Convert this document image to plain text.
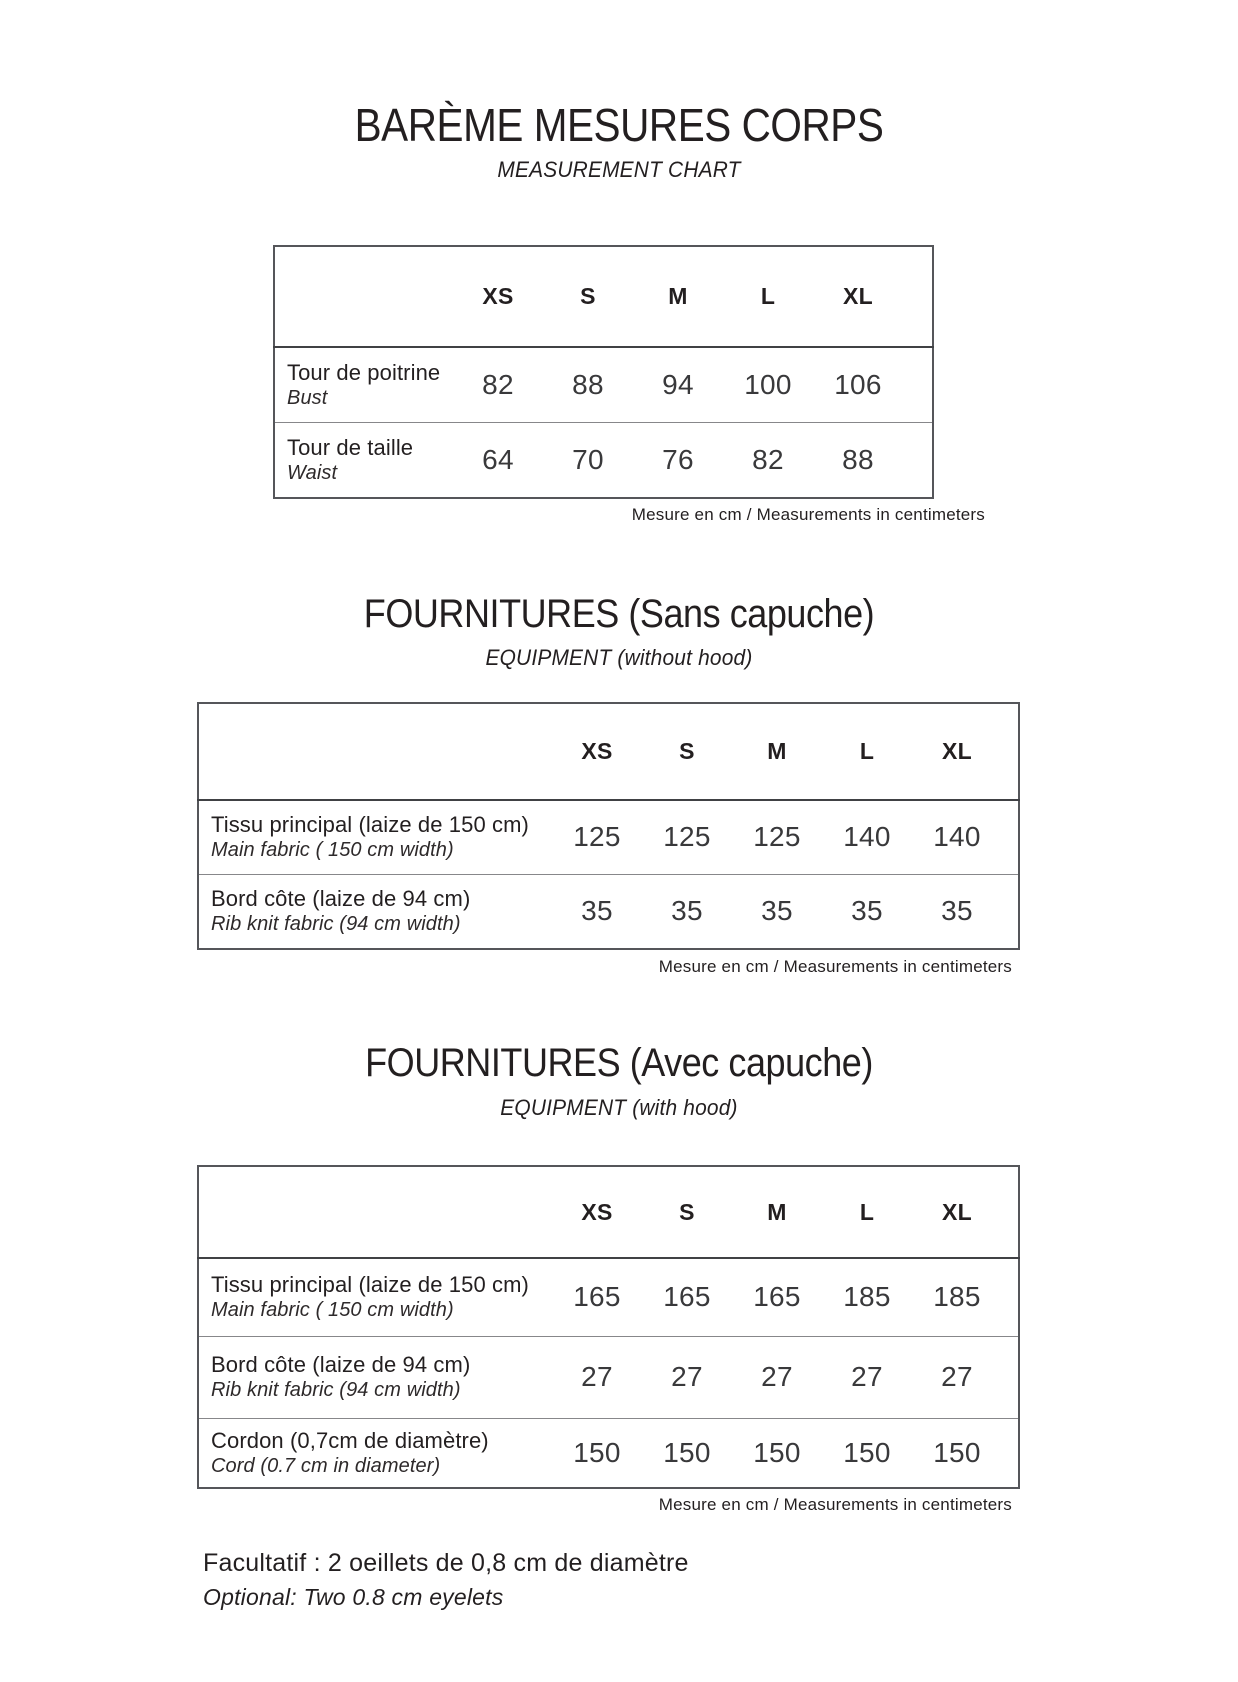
BARÈME MESURES CORPS
MEASUREMENT CHART
	XS	S	M	L	XL	

Tour de poitrine
Bust	82	88	94	100	106	

Tour de taille
Waist	64	70	76	82	88	
Mesure en cm / Measurements in centimeters
FOURNITURES (Sans capuche)
EQUIPMENT (without hood)
	XS	S	M	L	XL	

Tissu principal (laize de 150 cm)
Main fabric ( 150 cm width)	125	125	125	140	140	

Bord côte (laize de 94 cm)
Rib knit fabric (94 cm width)	35	35	35	35	35	
Mesure en cm / Measurements in centimeters
FOURNITURES (Avec capuche)
EQUIPMENT (with hood)
	XS	S	M	L	XL	

Tissu principal (laize de 150 cm)
Main fabric ( 150 cm width)	165	165	165	185	185	

Bord côte (laize de 94 cm)
Rib knit fabric (94 cm width)	27	27	27	27	27	

Cordon (0,7cm de diamètre)
Cord (0.7 cm in diameter)	150	150	150	150	150	
Mesure en cm / Measurements in centimeters
Facultatif : 2 oeillets de 0,8 cm de diamètre
Optional: Two 0.8 cm eyelets
